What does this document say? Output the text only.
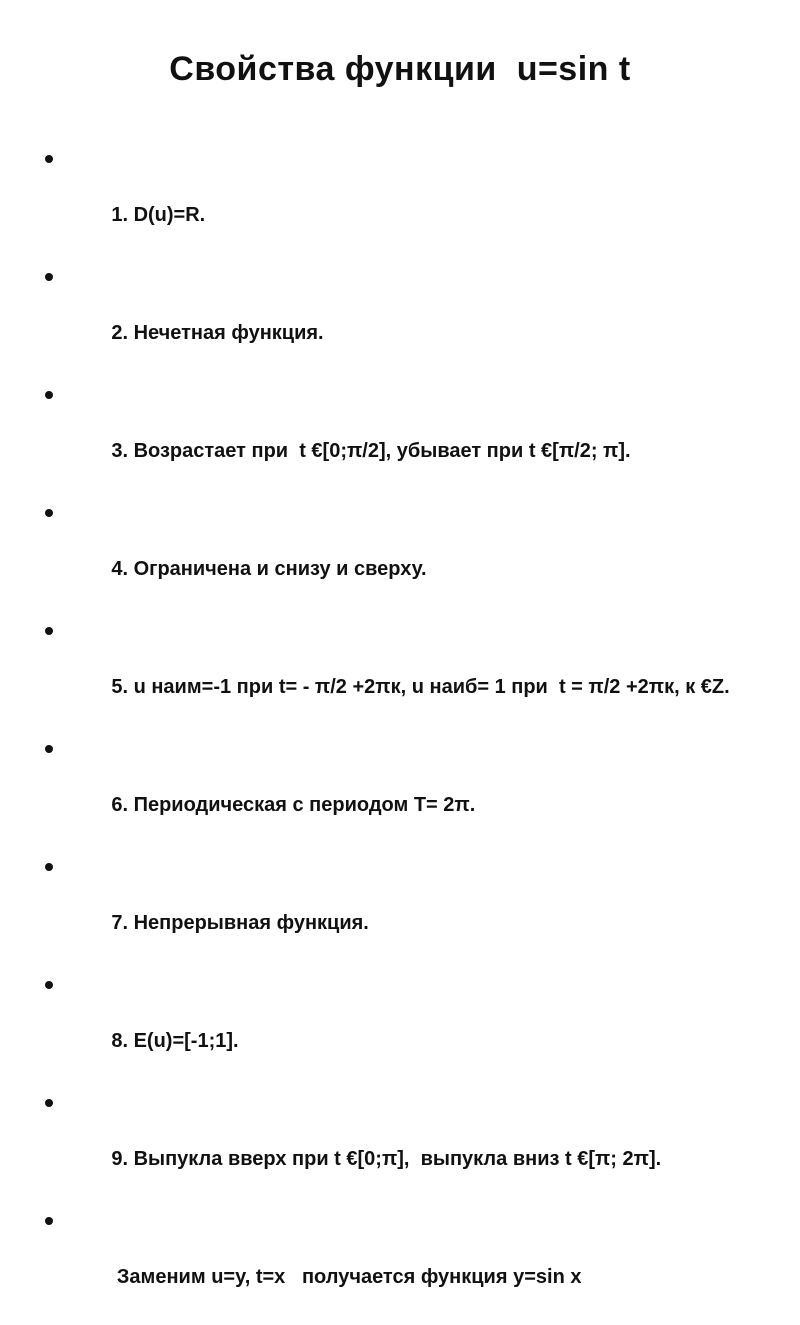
Свойства функции  u=sin t

1. D(u)=R.

2. Нечетная функция.

3. Возрастает при  t €[0;π/2], убывает при t €[π/2; π].

4. Ограничена и снизу и сверху.

5. u наим=-1 при t= - π/2 +2πк, u наиб= 1 при  t = π/2 +2πк, к €Z.

6. Периодическая с периодом Т= 2π.

7. Непрерывная функция.

8. Е(u)=[-1;1].

9. Выпукла вверх при t €[0;π],  выпукла вниз t €[π; 2π].

Заменим u=y, t=x   получается функция y=sin x
